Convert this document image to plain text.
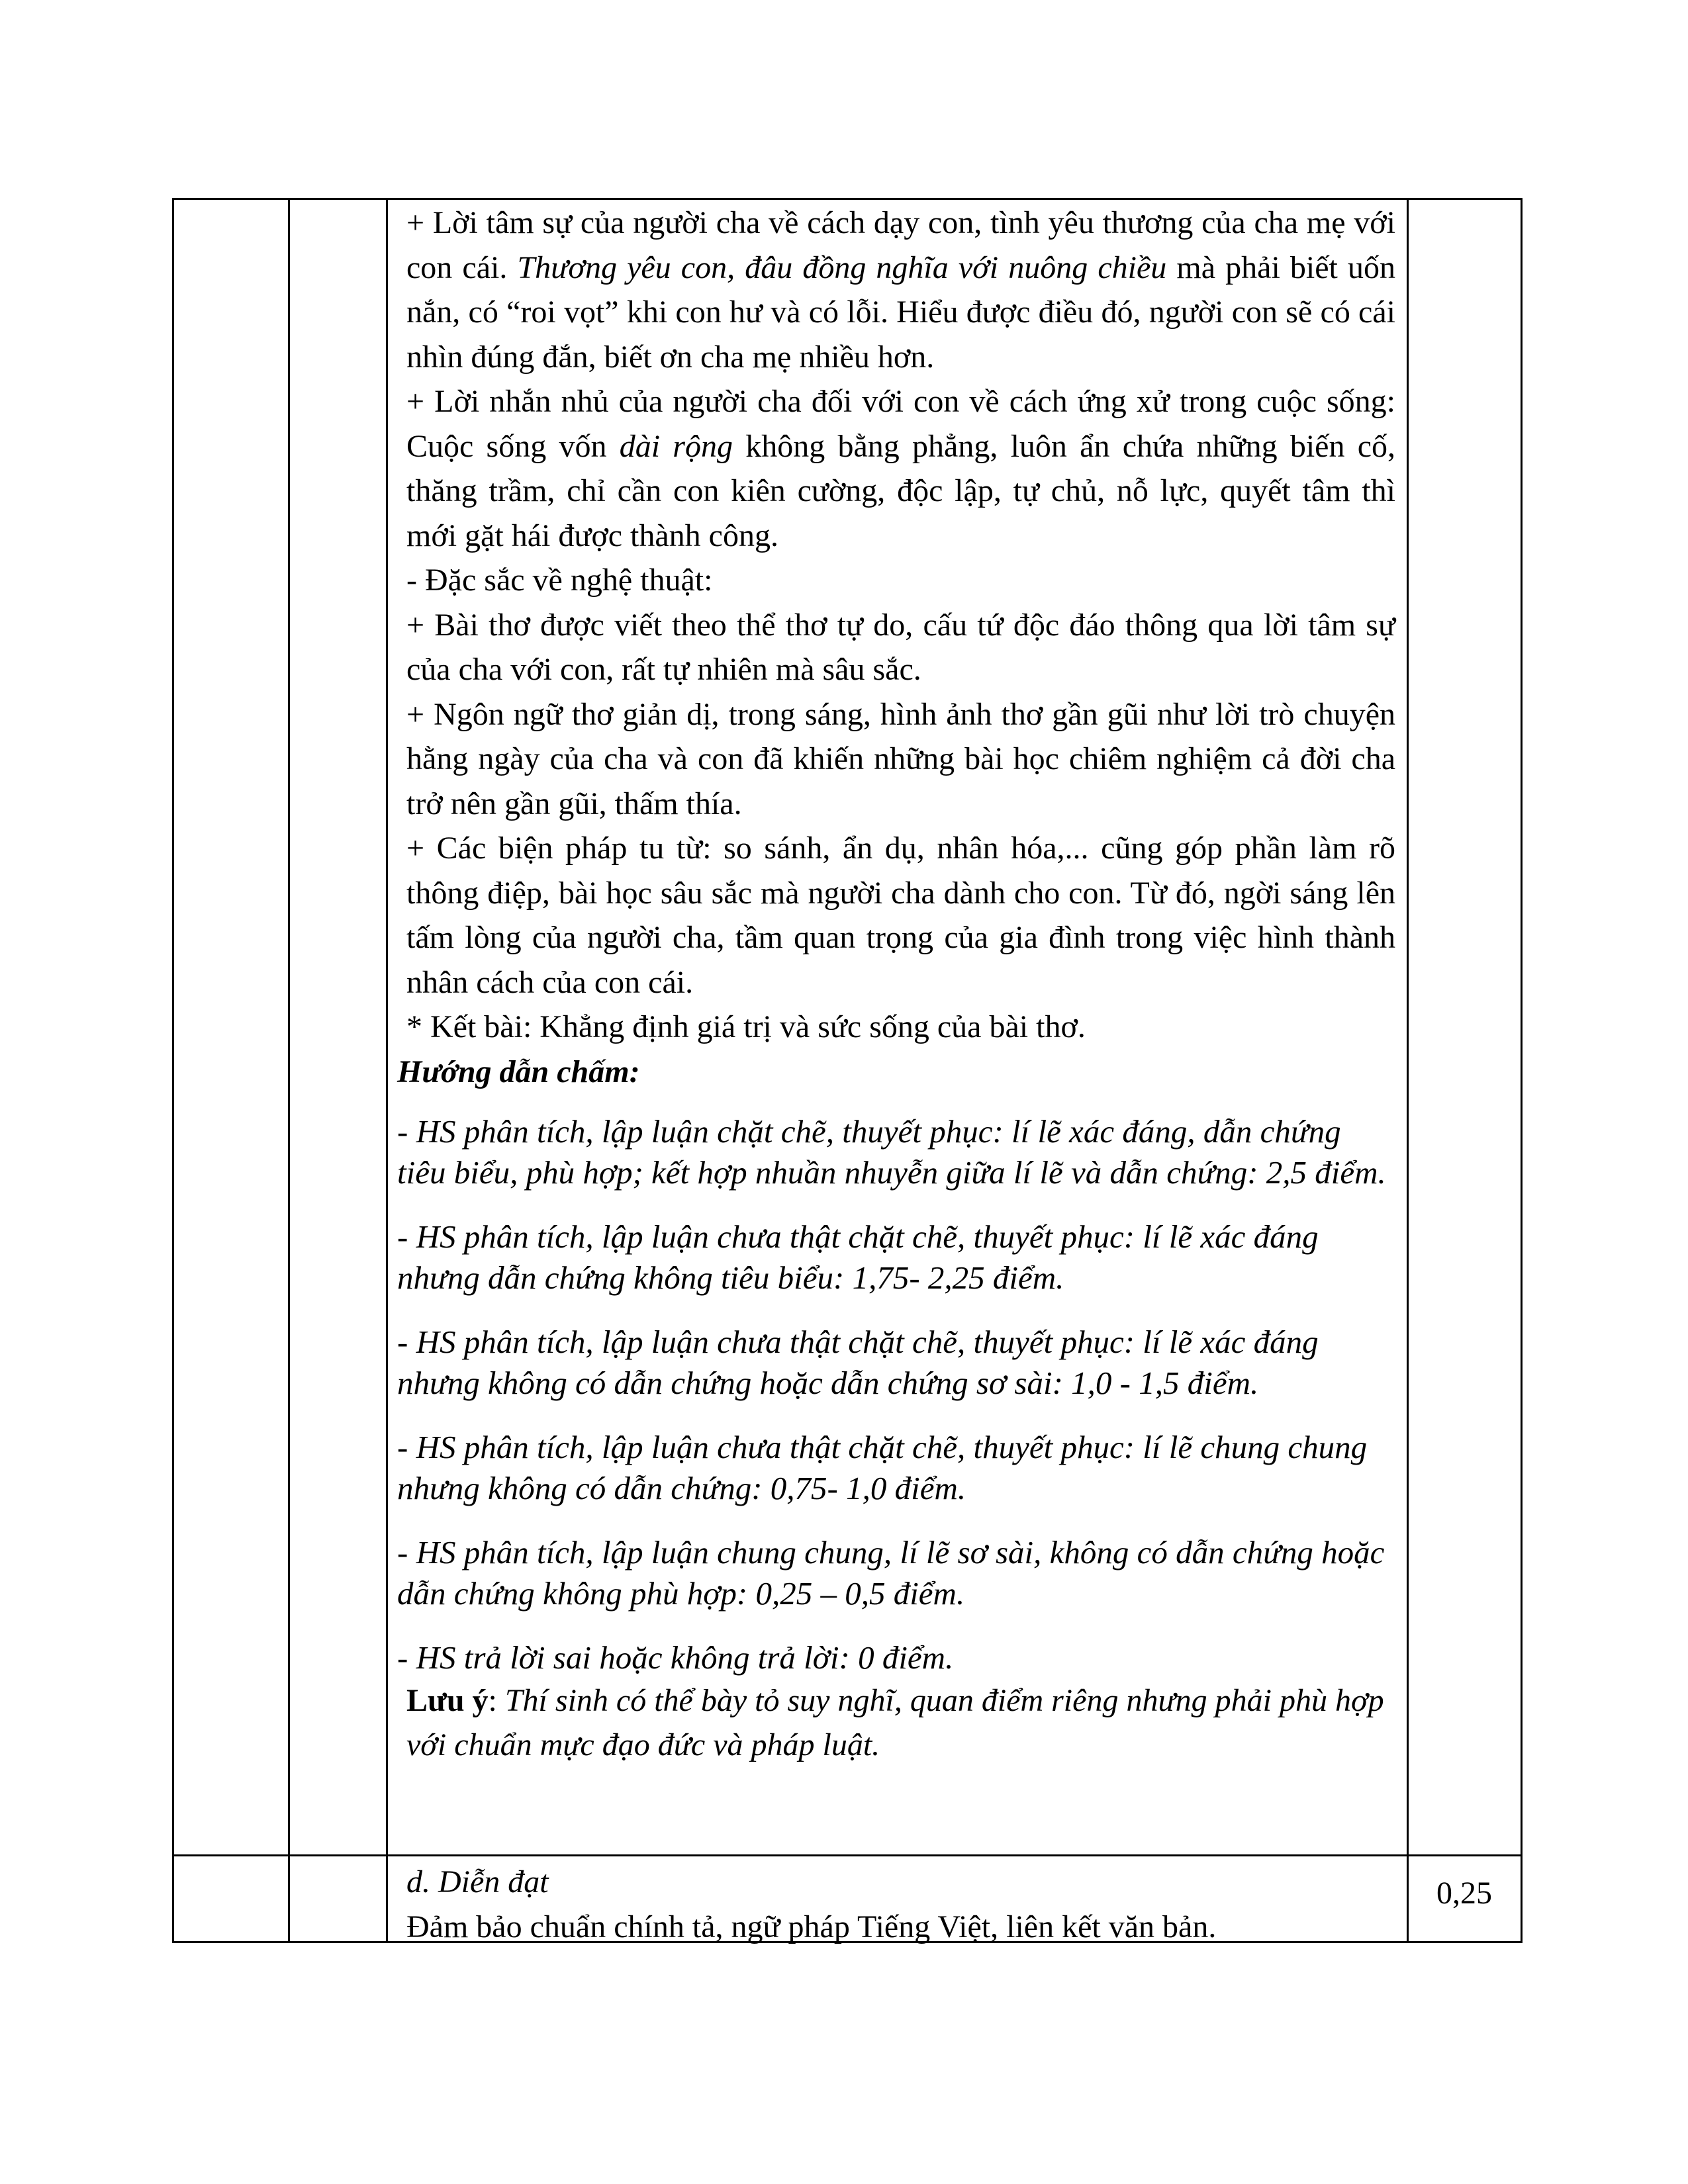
+ Lời tâm sự của người cha về cách dạy con, tình yêu thương của cha mẹ với con cái. Thương yêu con, đâu đồng nghĩa với nuông chiều mà phải biết uốn nắn, có “roi vọt” khi con hư và có lỗi. Hiểu được điều đó, người con sẽ có cái nhìn đúng đắn, biết ơn cha mẹ nhiều hơn.

+ Lời nhắn nhủ của người cha đối với con về cách ứng xử trong cuộc sống: Cuộc sống vốn dài rộng không bằng phẳng, luôn ẩn chứa những biến cố, thăng trầm, chỉ cần con kiên cường, độc lập, tự chủ, nỗ lực, quyết tâm thì mới gặt hái được thành công.

- Đặc sắc về nghệ thuật:

+ Bài thơ được viết theo thể thơ tự do, cấu tứ độc đáo thông qua lời tâm sự của cha với con, rất tự nhiên mà sâu sắc.

+ Ngôn ngữ thơ giản dị, trong sáng, hình ảnh thơ gần gũi như lời trò chuyện hằng ngày của cha và con đã khiến những bài học chiêm nghiệm cả đời cha trở nên gần gũi, thấm thía.

+ Các biện pháp tu từ: so sánh, ẩn dụ, nhân hóa,... cũng góp phần làm rõ thông điệp, bài học sâu sắc mà người cha dành cho con. Từ đó, ngời sáng lên tấm lòng của người cha, tầm quan trọng của gia đình trong việc hình thành nhân cách của con cái.

* Kết bài: Khẳng định giá trị và sức sống của bài thơ.

Hướng dẫn chấm:

- HS phân tích, lập luận chặt chẽ, thuyết phục: lí lẽ xác đáng, dẫn chứng tiêu biểu, phù hợp; kết hợp nhuần nhuyễn giữa lí lẽ và dẫn chứng: 2,5 điểm.

- HS phân tích, lập luận chưa thật chặt chẽ, thuyết phục: lí lẽ xác đáng nhưng dẫn chứng không tiêu biểu: 1,75- 2,25 điểm.

- HS phân tích, lập luận chưa thật chặt chẽ, thuyết phục: lí lẽ xác đáng nhưng không có dẫn chứng hoặc dẫn chứng sơ sài: 1,0 - 1,5 điểm.

- HS phân tích, lập luận chưa thật chặt chẽ, thuyết phục: lí lẽ chung chung nhưng không có dẫn chứng: 0,75- 1,0 điểm.

- HS phân tích, lập luận chung chung, lí lẽ sơ sài, không có dẫn chứng hoặc dẫn chứng không phù hợp: 0,25 – 0,5 điểm.

- HS trả lời sai hoặc không trả lời: 0 điểm.

Lưu ý: Thí sinh có thể bày tỏ suy nghĩ, quan điểm riêng nhưng phải phù hợp với chuẩn mực đạo đức và pháp luật.

d. Diễn đạt

Đảm bảo chuẩn chính tả, ngữ pháp Tiếng Việt, liên kết văn bản.

0,25
